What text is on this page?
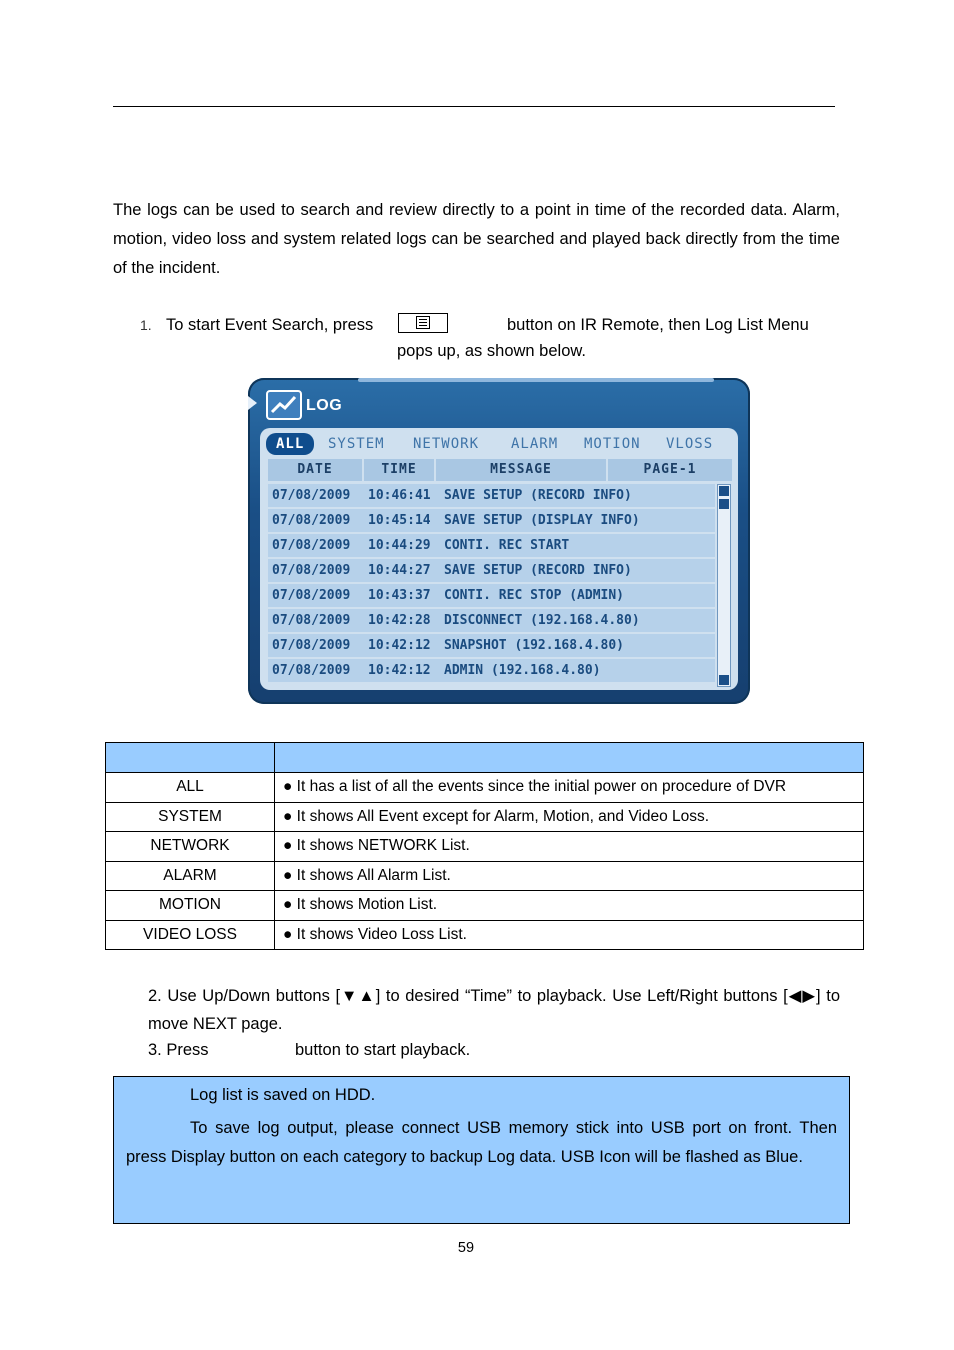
The logs can be used to search and review directly to a point in time of the recorded data. Alarm, motion, video loss and system related logs can be searched and played back directly from the time of the incident.
1. To start Event Search, press	button on IR Remote, then Log List Menu
pops up, as shown below.
LOG
ALL	SYSTEM NETWORK ALARM MOTION VLOSS
DATE	TIME	MESSAGE	PAGE-1
07/08/2009 10:46:41 SAVE SETUP (RECORD INFO)
07/08/2009 10:45:14 SAVE SETUP (DISPLAY INFO)
07/08/2009 10:44:29 CONTI. REC START
07/08/2009 10:44:27 SAVE SETUP (RECORD INFO)
07/08/2009 10:43:37 CONTI. REC STOP (ADMIN)
07/08/2009 10:42:28 DISCONNECT (192.168.4.80)
07/08/2009 10:42:12 SNAPSHOT (192.168.4.80)
07/08/2009 10:42:12 ADMIN (192.168.4.80)

ALL	● It has a list of all the events since the initial power on procedure of DVR
SYSTEM	● It shows All Event except for Alarm, Motion, and Video Loss.
NETWORK	● It shows NETWORK List.
ALARM	● It shows All Alarm List.
MOTION	● It shows Motion List.
VIDEO LOSS	● It shows Video Loss List.
2. Use Up/Down buttons [▼▲] to desired “Time” to playback. Use Left/Right buttons [◀▶] to move NEXT page.
3. Press	button to start playback.
Log list is saved on HDD.
To save log output, please connect USB memory stick into USB port on front. Then press Display button on each category to backup Log data. USB Icon will be flashed as Blue.
59
